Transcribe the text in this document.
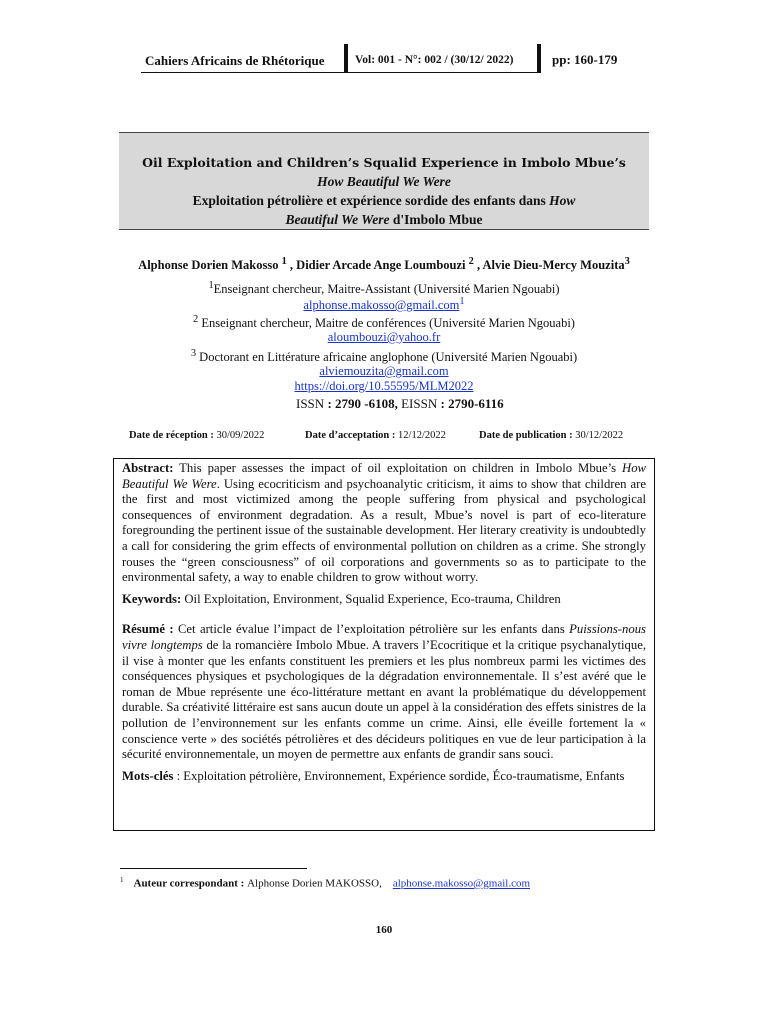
Cahiers Africains de Rhétorique	Vol: 001 - N°: 002 / (30/12/ 2022)	pp: 160-179
Oil Exploitation and Children’s Squalid Experience in Imbolo Mbue’s
How Beautiful We Were
Exploitation pétrolière et expérience sordide des enfants dans How
Beautiful We Were d'Imbolo Mbue
Alphonse Dorien Makosso $^1$ , Didier Arcade Ange Loumbouzi $^2$ , Alvie Dieu-Mercy Mouzita$^3$
$^1$Enseignant chercheur, Maitre-Assistant (Université Marien Ngouabi)
alphonse.makosso@gmail.com$^1$
$^2$ Enseignant chercheur, Maitre de conférences (Université Marien Ngouabi)
aloumbouzi@yahoo.fr
$^3$ Doctorant en Littérature africaine anglophone (Université Marien Ngouabi)
alviemouzita@gmail.com
https://doi.org/10.55595/MLM2022
ISSN : 2790 -6108, EISSN : 2790-6116
Date de réception : 30/09/2022	Date d’acceptation : 12/12/2022	Date de publication : 30/12/2022

Abstract: This paper assesses the impact of oil exploitation on children in Imbolo Mbue’s How Beautiful We Were. Using ecocriticism and psychoanalytic criticism, it aims to show that children are the first and most victimized among the people suffering from physical and psychological consequences of environment degradation. As a result, Mbue’s novel is part of eco-literature foregrounding the pertinent issue of the sustainable development. Her literary creativity is undoubtedly a call for considering the grim effects of environmental pollution on children as a crime. She strongly rouses the “green consciousness” of oil corporations and governments so as to participate to the environmental safety, a way to enable children to grow without worry.

Keywords: Oil Exploitation, Environment, Squalid Experience, Eco-trauma, Children

Résumé : Cet article évalue l’impact de l’exploitation pétrolière sur les enfants dans Puissions-nous vivre longtemps de la romancière Imbolo Mbue. A travers l’Ecocritique et la critique psychanalytique, il vise à monter que les enfants constituent les premiers et les plus nombreux parmi les victimes des conséquences physiques et psychologiques de la dégradation environnementale. Il s’est avéré que le roman de Mbue représente une éco-littérature mettant en avant la problématique du développement durable. Sa créativité littéraire est sans aucun doute un appel à la considération des effets sinistres de la pollution de l’environnement sur les enfants comme un crime. Ainsi, elle éveille fortement la « conscience verte » des sociétés pétrolières et des décideurs politiques en vue de leur participation à la sécurité environnementale, un moyen de permettre aux enfants de grandir sans souci.

Mots-clés : Exploitation pétrolière, Environnement, Expérience sordide, Éco-traumatisme, Enfants

$^1$ Auteur correspondant : Alphonse Dorien MAKOSSO, alphonse.makosso@gmail.com
160
